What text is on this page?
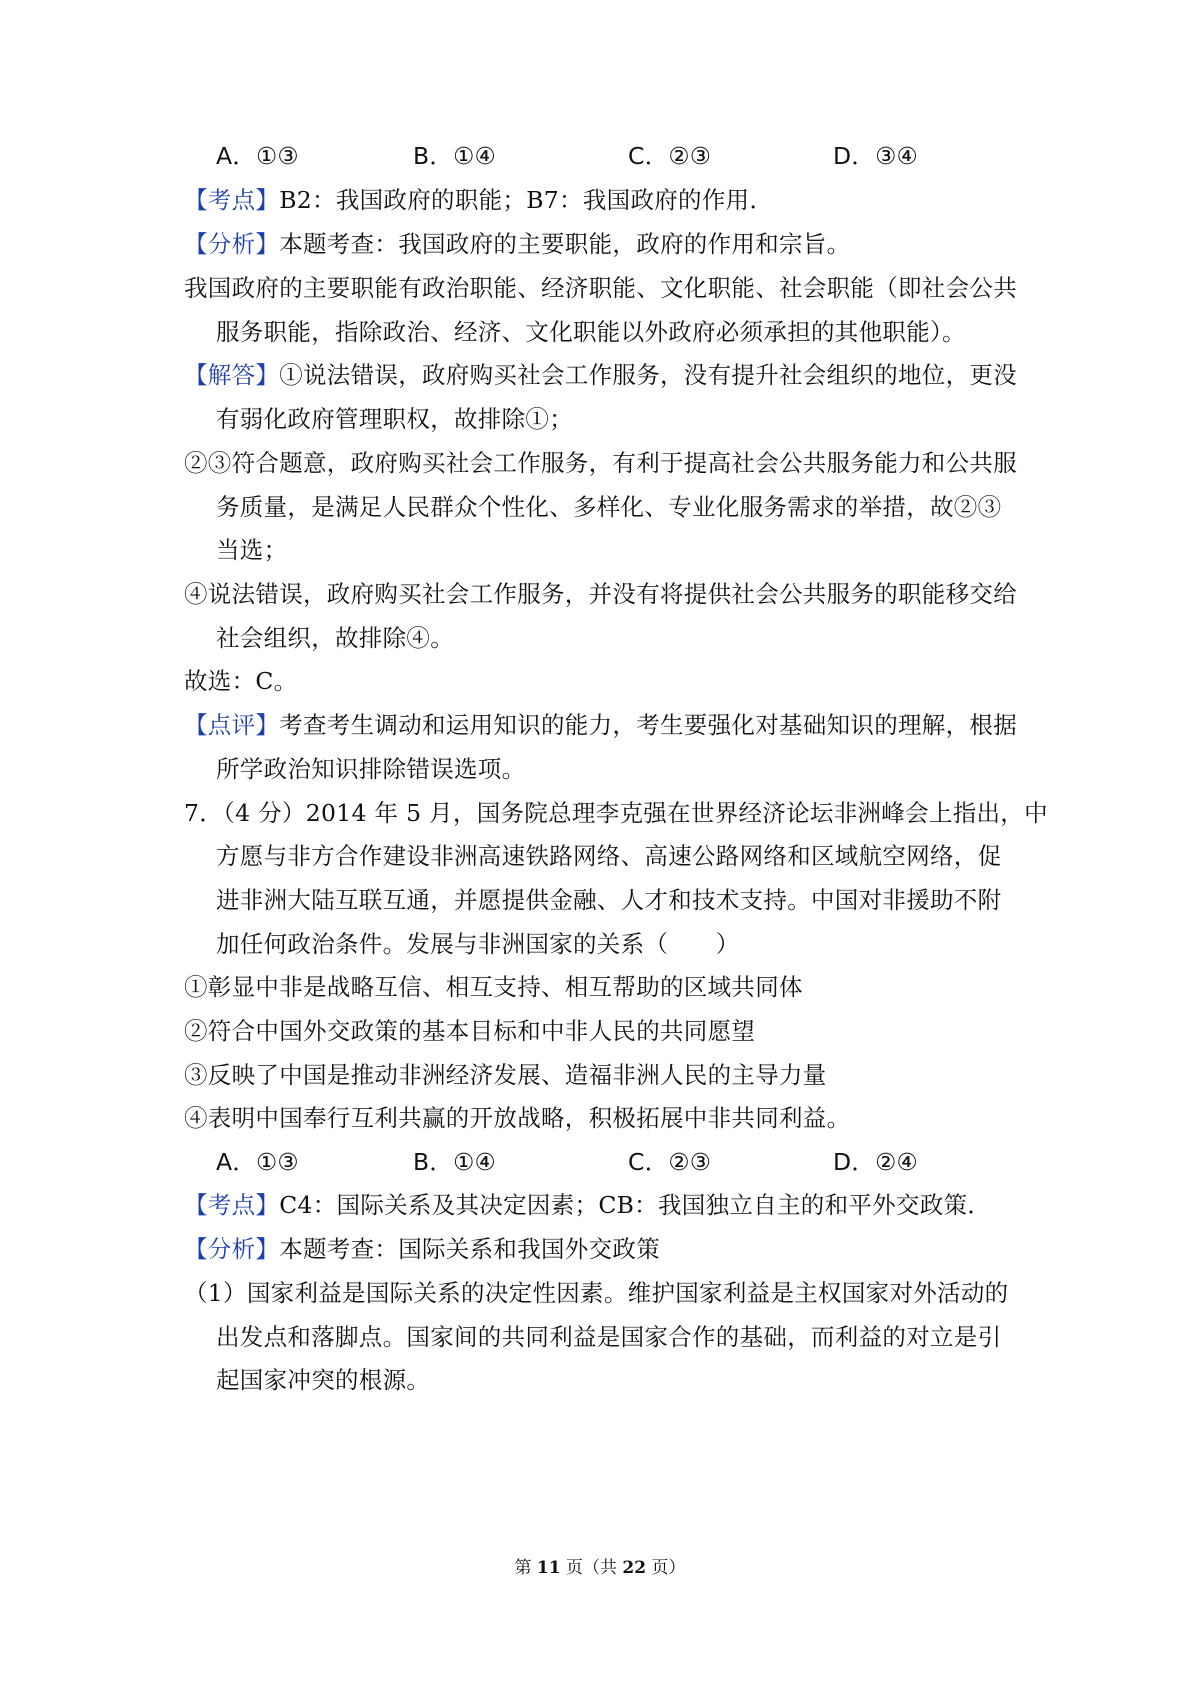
A．①③	B．①④	C．②③	D．③④
【考点】B2：我国政府的职能；B7：我国政府的作用．
【分析】本题考查：我国政府的主要职能，政府的作用和宗旨。
我国政府的主要职能有政治职能、经济职能、文化职能、社会职能（即社会公共
服务职能，指除政治、经济、文化职能以外政府必须承担的其他职能）。
【解答】①说法错误，政府购买社会工作服务，没有提升社会组织的地位，更没
有弱化政府管理职权，故排除①；
②③符合题意，政府购买社会工作服务，有利于提高社会公共服务能力和公共服
务质量，是满足人民群众个性化、多样化、专业化服务需求的举措，故②③
当选；
④说法错误，政府购买社会工作服务，并没有将提供社会公共服务的职能移交给
社会组织，故排除④。
故选：C。
【点评】考查考生调动和运用知识的能力，考生要强化对基础知识的理解，根据
所学政治知识排除错误选项。
7．（4 分）2014 年 5 月，国务院总理李克强在世界经济论坛非洲峰会上指出，中
方愿与非方合作建设非洲高速铁路网络、高速公路网络和区域航空网络，促
进非洲大陆互联互通，并愿提供金融、人才和技术支持。中国对非援助不附
加任何政治条件。发展与非洲国家的关系（　　）
①彰显中非是战略互信、相互支持、相互帮助的区域共同体
②符合中国外交政策的基本目标和中非人民的共同愿望
③反映了中国是推动非洲经济发展、造福非洲人民的主导力量
④表明中国奉行互利共赢的开放战略，积极拓展中非共同利益。
A．①③	B．①④	C．②③	D．②④
【考点】C4：国际关系及其决定因素；CB：我国独立自主的和平外交政策．
【分析】本题考查：国际关系和我国外交政策
（1）国家利益是国际关系的决定性因素。维护国家利益是主权国家对外活动的
出发点和落脚点。国家间的共同利益是国家合作的基础，而利益的对立是引
起国家冲突的根源。
第 11 页（共 22 页）
